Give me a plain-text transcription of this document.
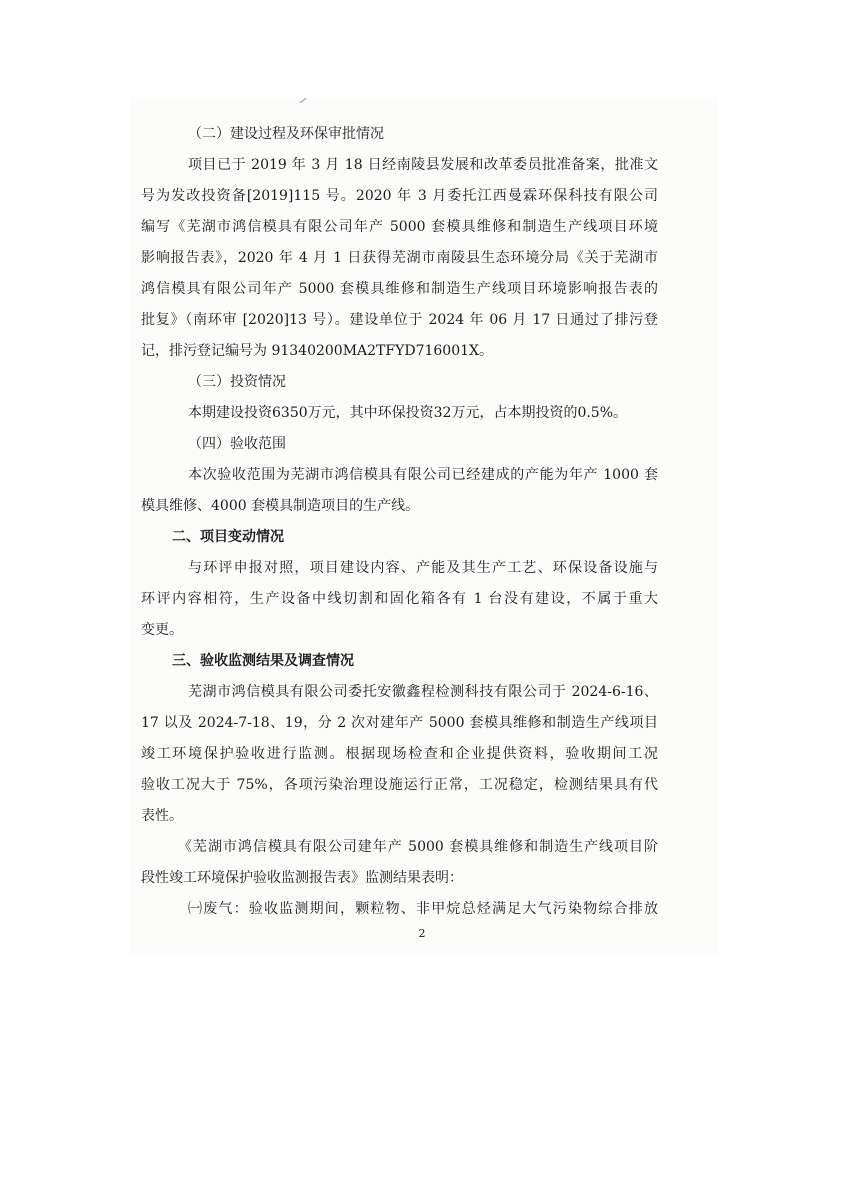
（二）建设过程及环保审批情况
项目已于 2019 年 3 月 18 日经南陵县发展和改革委员批准备案，批准文
号为发改投资备[2019]115 号。2020 年 3 月委托江西曼霖环保科技有限公司
编写《芜湖市鸿信模具有限公司年产 5000 套模具维修和制造生产线项目环境
影响报告表》，2020 年 4 月 1 日获得芜湖市南陵县生态环境分局《关于芜湖市
鸿信模具有限公司年产 5000 套模具维修和制造生产线项目环境影响报告表的
批复》（南环审 [2020]13 号）。建设单位于 2024 年 06 月 17 日通过了排污登
记，排污登记编号为 91340200MA2TFYD716001X。
（三）投资情况
本期建设投资6350万元，其中环保投资32万元，占本期投资的0.5%。
（四）验收范围
本次验收范围为芜湖市鸿信模具有限公司已经建成的产能为年产 1000 套
模具维修、4000 套模具制造项目的生产线。
二、项目变动情况
与环评申报对照，项目建设内容、产能及其生产工艺、环保设备设施与
环评内容相符，生产设备中线切割和固化箱各有 1 台没有建设，不属于重大
变更。
三、验收监测结果及调查情况
芜湖市鸿信模具有限公司委托安徽鑫程检测科技有限公司于 2024-6-16、
17 以及 2024-7-18、19，分 2 次对建年产 5000 套模具维修和制造生产线项目
竣工环境保护验收进行监测。根据现场检查和企业提供资料，验收期间工况
验收工况大于 75%，各项污染治理设施运行正常，工况稳定，检测结果具有代
表性。
《芜湖市鸿信模具有限公司建年产 5000 套模具维修和制造生产线项目阶
段性竣工环境保护验收监测报告表》监测结果表明：
㈠废气：验收监测期间，颗粒物、非甲烷总烃满足大气污染物综合排放
2
